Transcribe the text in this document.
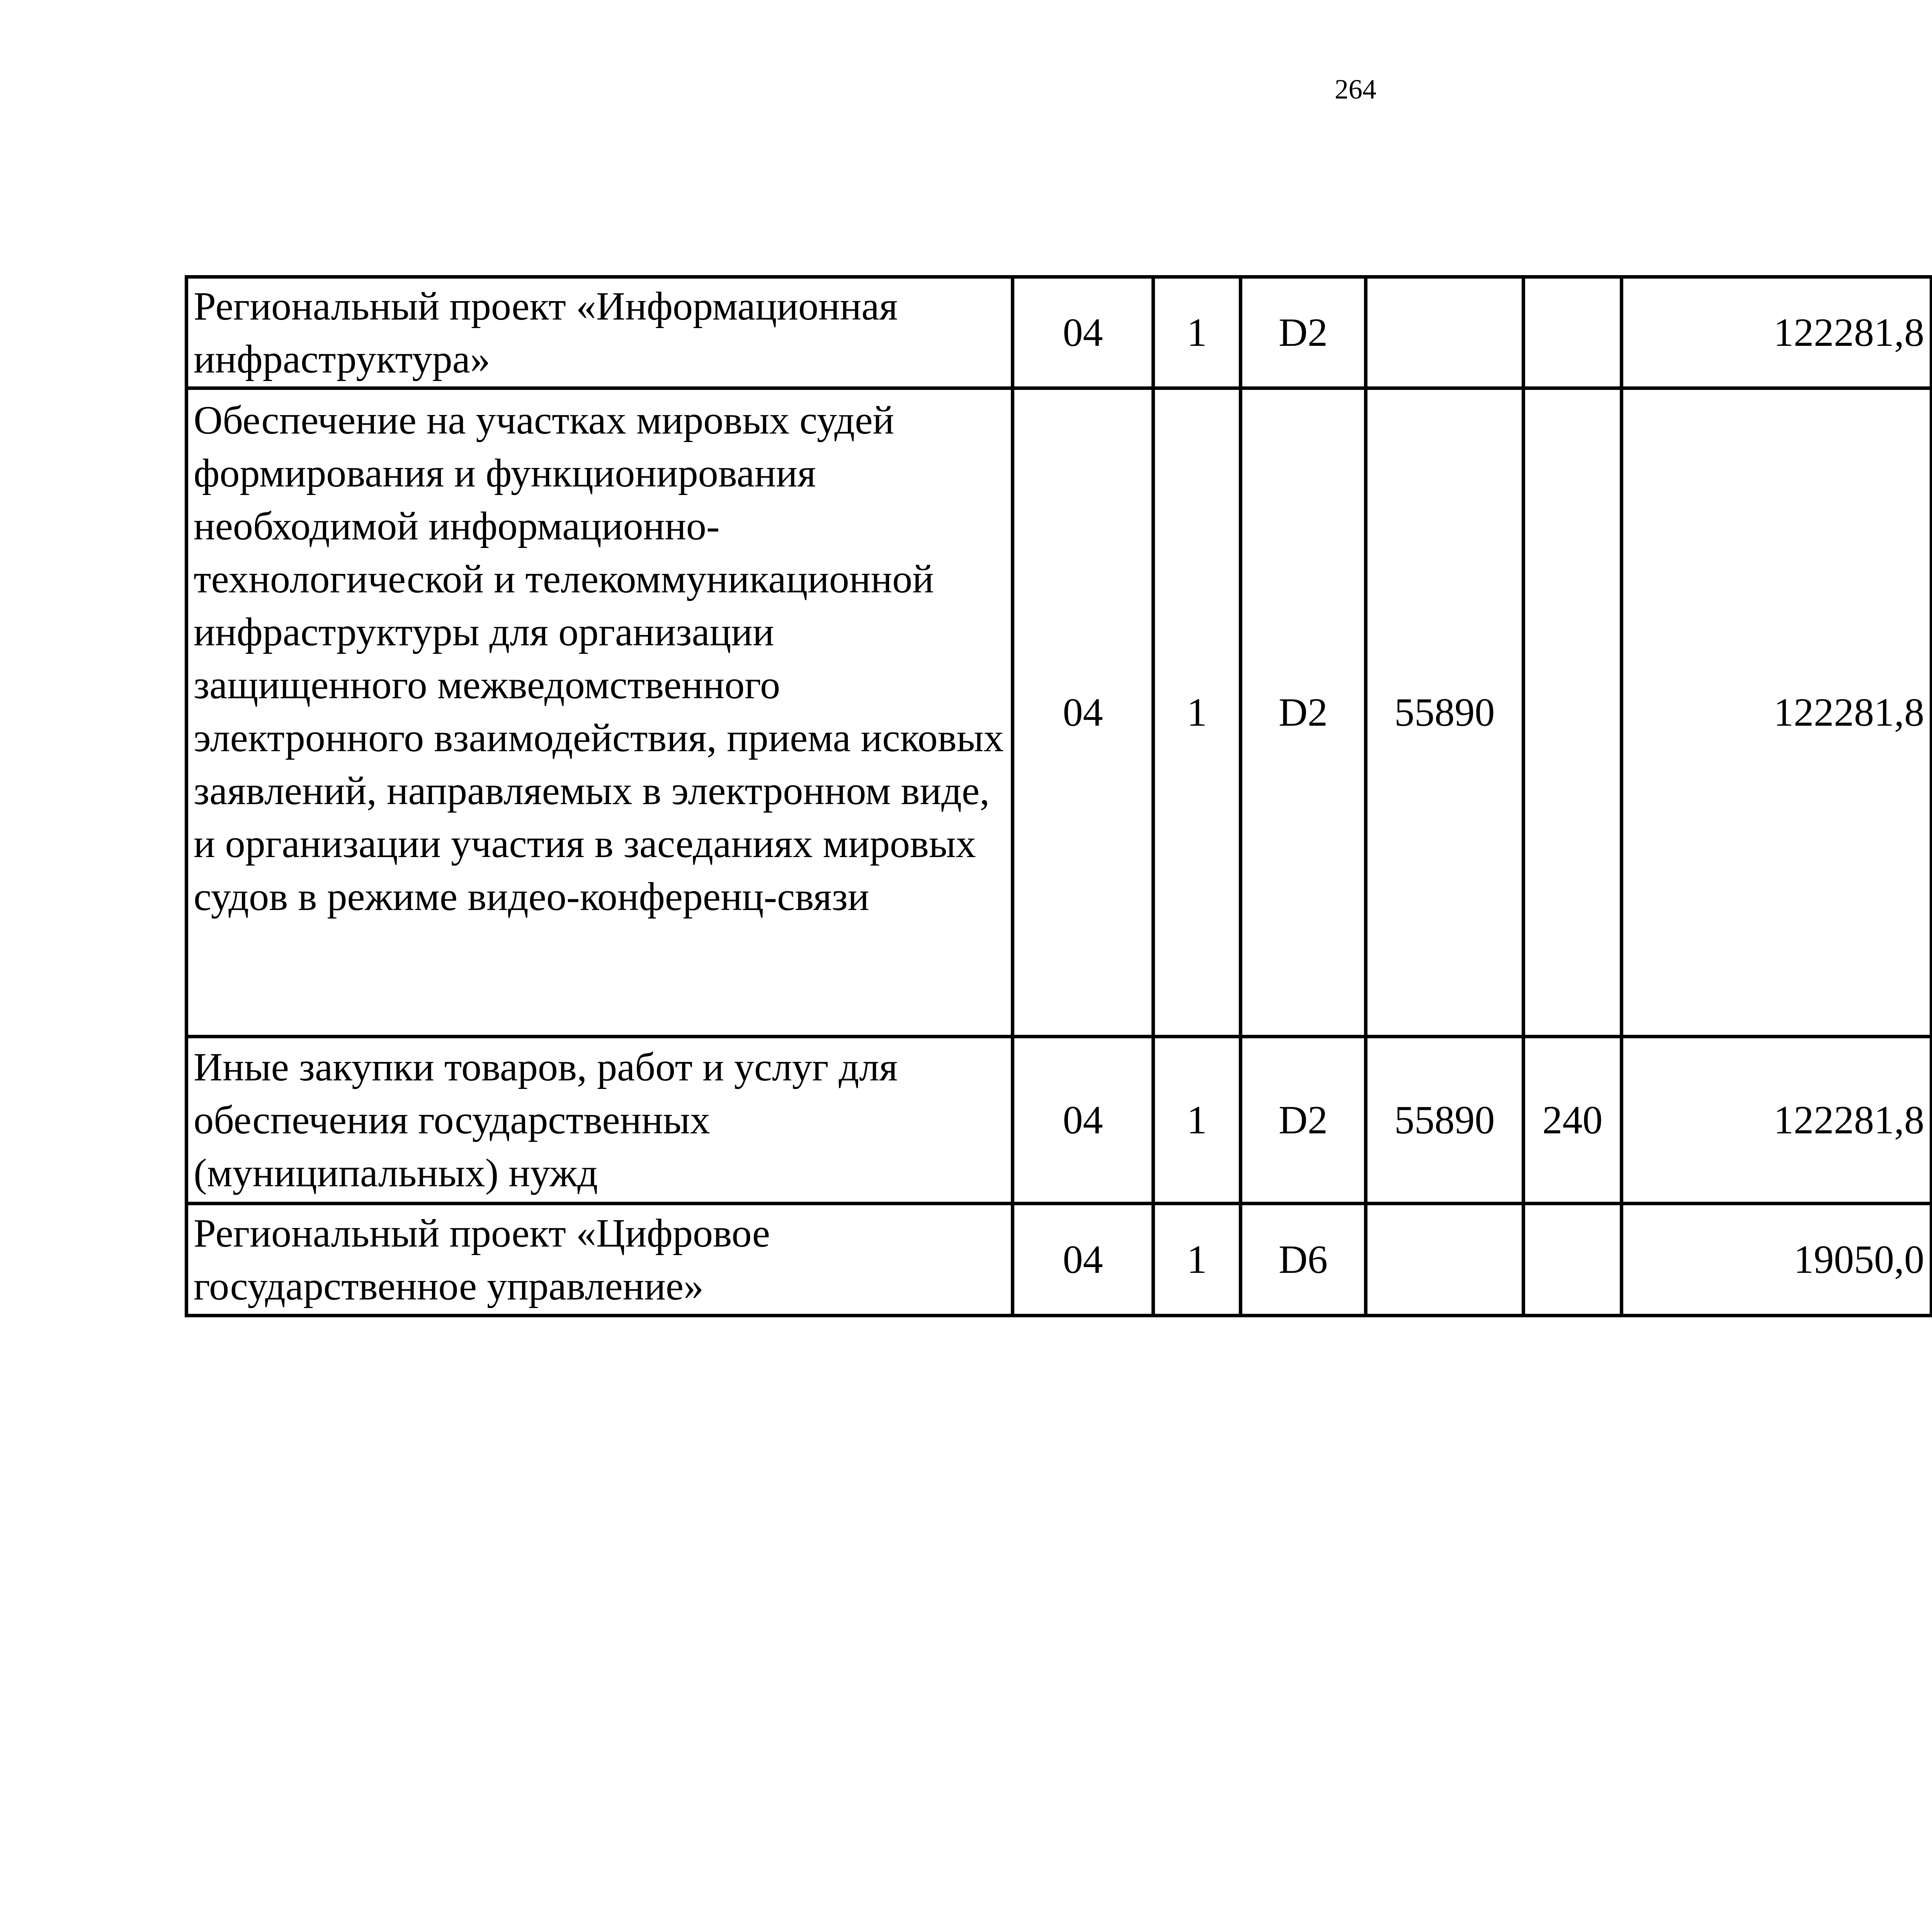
264
Региональный проект «Информационная инфраструктура»	04	1	D2			122281,8		
Обеспечение на участках мировых судей формирования и функционирования необходимой информационно-технологической и телекоммуникационной инфраструктуры для организации защищенного межведомственного электронного взаимодействия, приема исковых заявлений, направляемых в электронном виде, и организации участия в заседаниях мировых судов в режиме видео-конференц-связи	04	1	D2	55890		122281,8		
Иные закупки товаров, работ и услуг для обеспечения государственных (муниципальных) нужд	04	1	D2	55890	240	122281,8		
Региональный проект «Цифровое государственное управление»	04	1	D6			19050,0		
